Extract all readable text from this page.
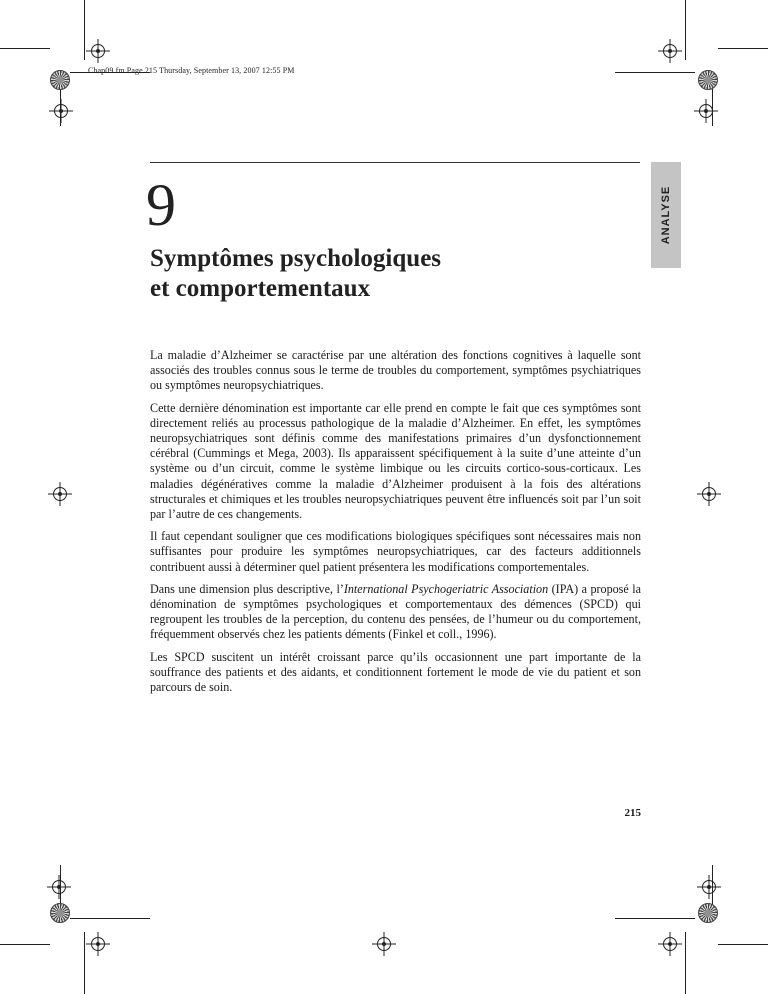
Chap09.fm Page 215 Thursday, September 13, 2007 12:55 PM
ANALYSE
9
Symptômes psychologiques
et comportementaux

La maladie d’Alzheimer se caractérise par une altération des fonctions cognitives à laquelle sont associés des troubles connus sous le terme de troubles du comportement, symptômes psychiatriques ou symptômes neuropsychiatriques.

Cette dernière dénomination est importante car elle prend en compte le fait que ces symptômes sont directement reliés au processus pathologique de la maladie d’Alzheimer. En effet, les symptômes neuropsychiatriques sont définis comme des manifestations primaires d’un dysfonctionnement cérébral (Cummings et Mega, 2003). Ils apparaissent spécifiquement à la suite d’une atteinte d’un système ou d’un circuit, comme le système limbique ou les circuits cortico-sous-corticaux. Les maladies dégénératives comme la maladie d’Alzheimer produisent à la fois des altérations structurales et chimiques et les troubles neuropsychiatriques peuvent être influencés soit par l’un soit par l’autre de ces changements.

Il faut cependant souligner que ces modifications biologiques spécifiques sont nécessaires mais non suffisantes pour produire les symptômes neuropsychiatriques, car des facteurs additionnels contribuent aussi à déterminer quel patient présentera les modifications comportementales.

Dans une dimension plus descriptive, l’International Psychogeriatric Association (IPA) a proposé la dénomination de symptômes psychologiques et comportementaux des démences (SPCD) qui regroupent les troubles de la perception, du contenu des pensées, de l’humeur ou du comportement, fréquemment observés chez les patients déments (Finkel et coll., 1996).

Les SPCD suscitent un intérêt croissant parce qu’ils occasionnent une part importante de la souffrance des patients et des aidants, et conditionnent fortement le mode de vie du patient et son parcours de soin.

215
